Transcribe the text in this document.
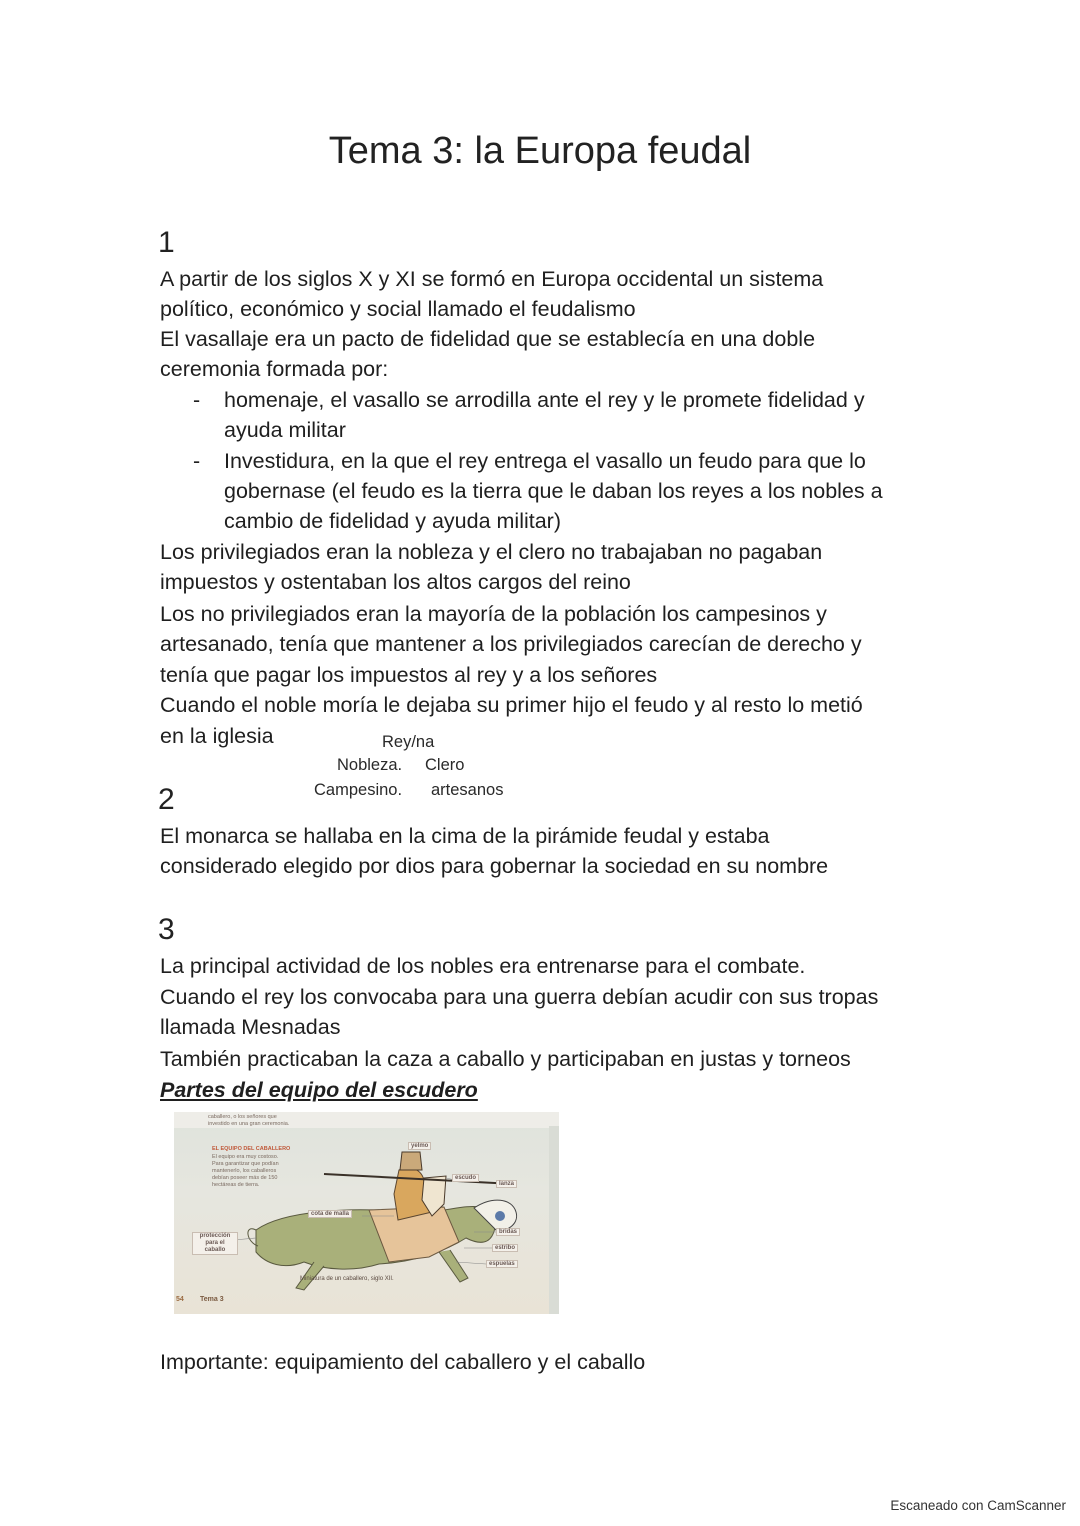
Tema 3: la Europa feudal
1
A partir de los siglos X y XI se formó en Europa occidental un sistema
político, económico y social llamado el feudalismo
El vasallaje era un pacto de fidelidad que se establecía en una doble
ceremonia formada por:
- homenaje, el vasallo se arrodilla ante el rey y le promete fidelidad y
ayuda militar
- Investidura, en la que el rey entrega el vasallo un feudo para que lo
gobernase (el feudo es la tierra que le daban los reyes a los nobles a
cambio de fidelidad y ayuda militar)
Los privilegiados eran la nobleza y el clero no trabajaban no pagaban
impuestos y ostentaban los altos cargos del reino
Los no privilegiados eran la mayoría de la población los campesinos y
artesanado, tenía que mantener a los privilegiados carecían de derecho y
tenía que pagar los impuestos al rey y a los señores
Cuando el noble moría le dejaba su primer hijo el feudo y al resto lo metió
en la iglesia	Rey/na
Nobleza. Clero
Campesino. artesanos
2
El monarca se hallaba en la cima de la pirámide feudal y estaba
considerado elegido por dios para gobernar la sociedad en su nombre
3
La principal actividad de los nobles era entrenarse para el combate.
Cuando el rey los convocaba para una guerra debían acudir con sus tropas
llamada Mesnadas
También practicaban la caza a caballo y participaban en justas y torneos
Partes del equipo del escudero
caballero, o los señores que
investido en una gran ceremonia.
EL EQUIPO DEL CABALLERO
El equipo era muy costoso.
Para garantizar que podían
mantenerlo, los caballeros
debían poseer más de 150
hectáreas de tierra.
yelmo
escudo
lanza
cota de malla
protección para el caballo
bridas
estribo
espuelas
Miniatura de un caballero, siglo XII.
54 Tema 3
Importante: equipamiento del caballero y el caballo
Escaneado con CamScanner
